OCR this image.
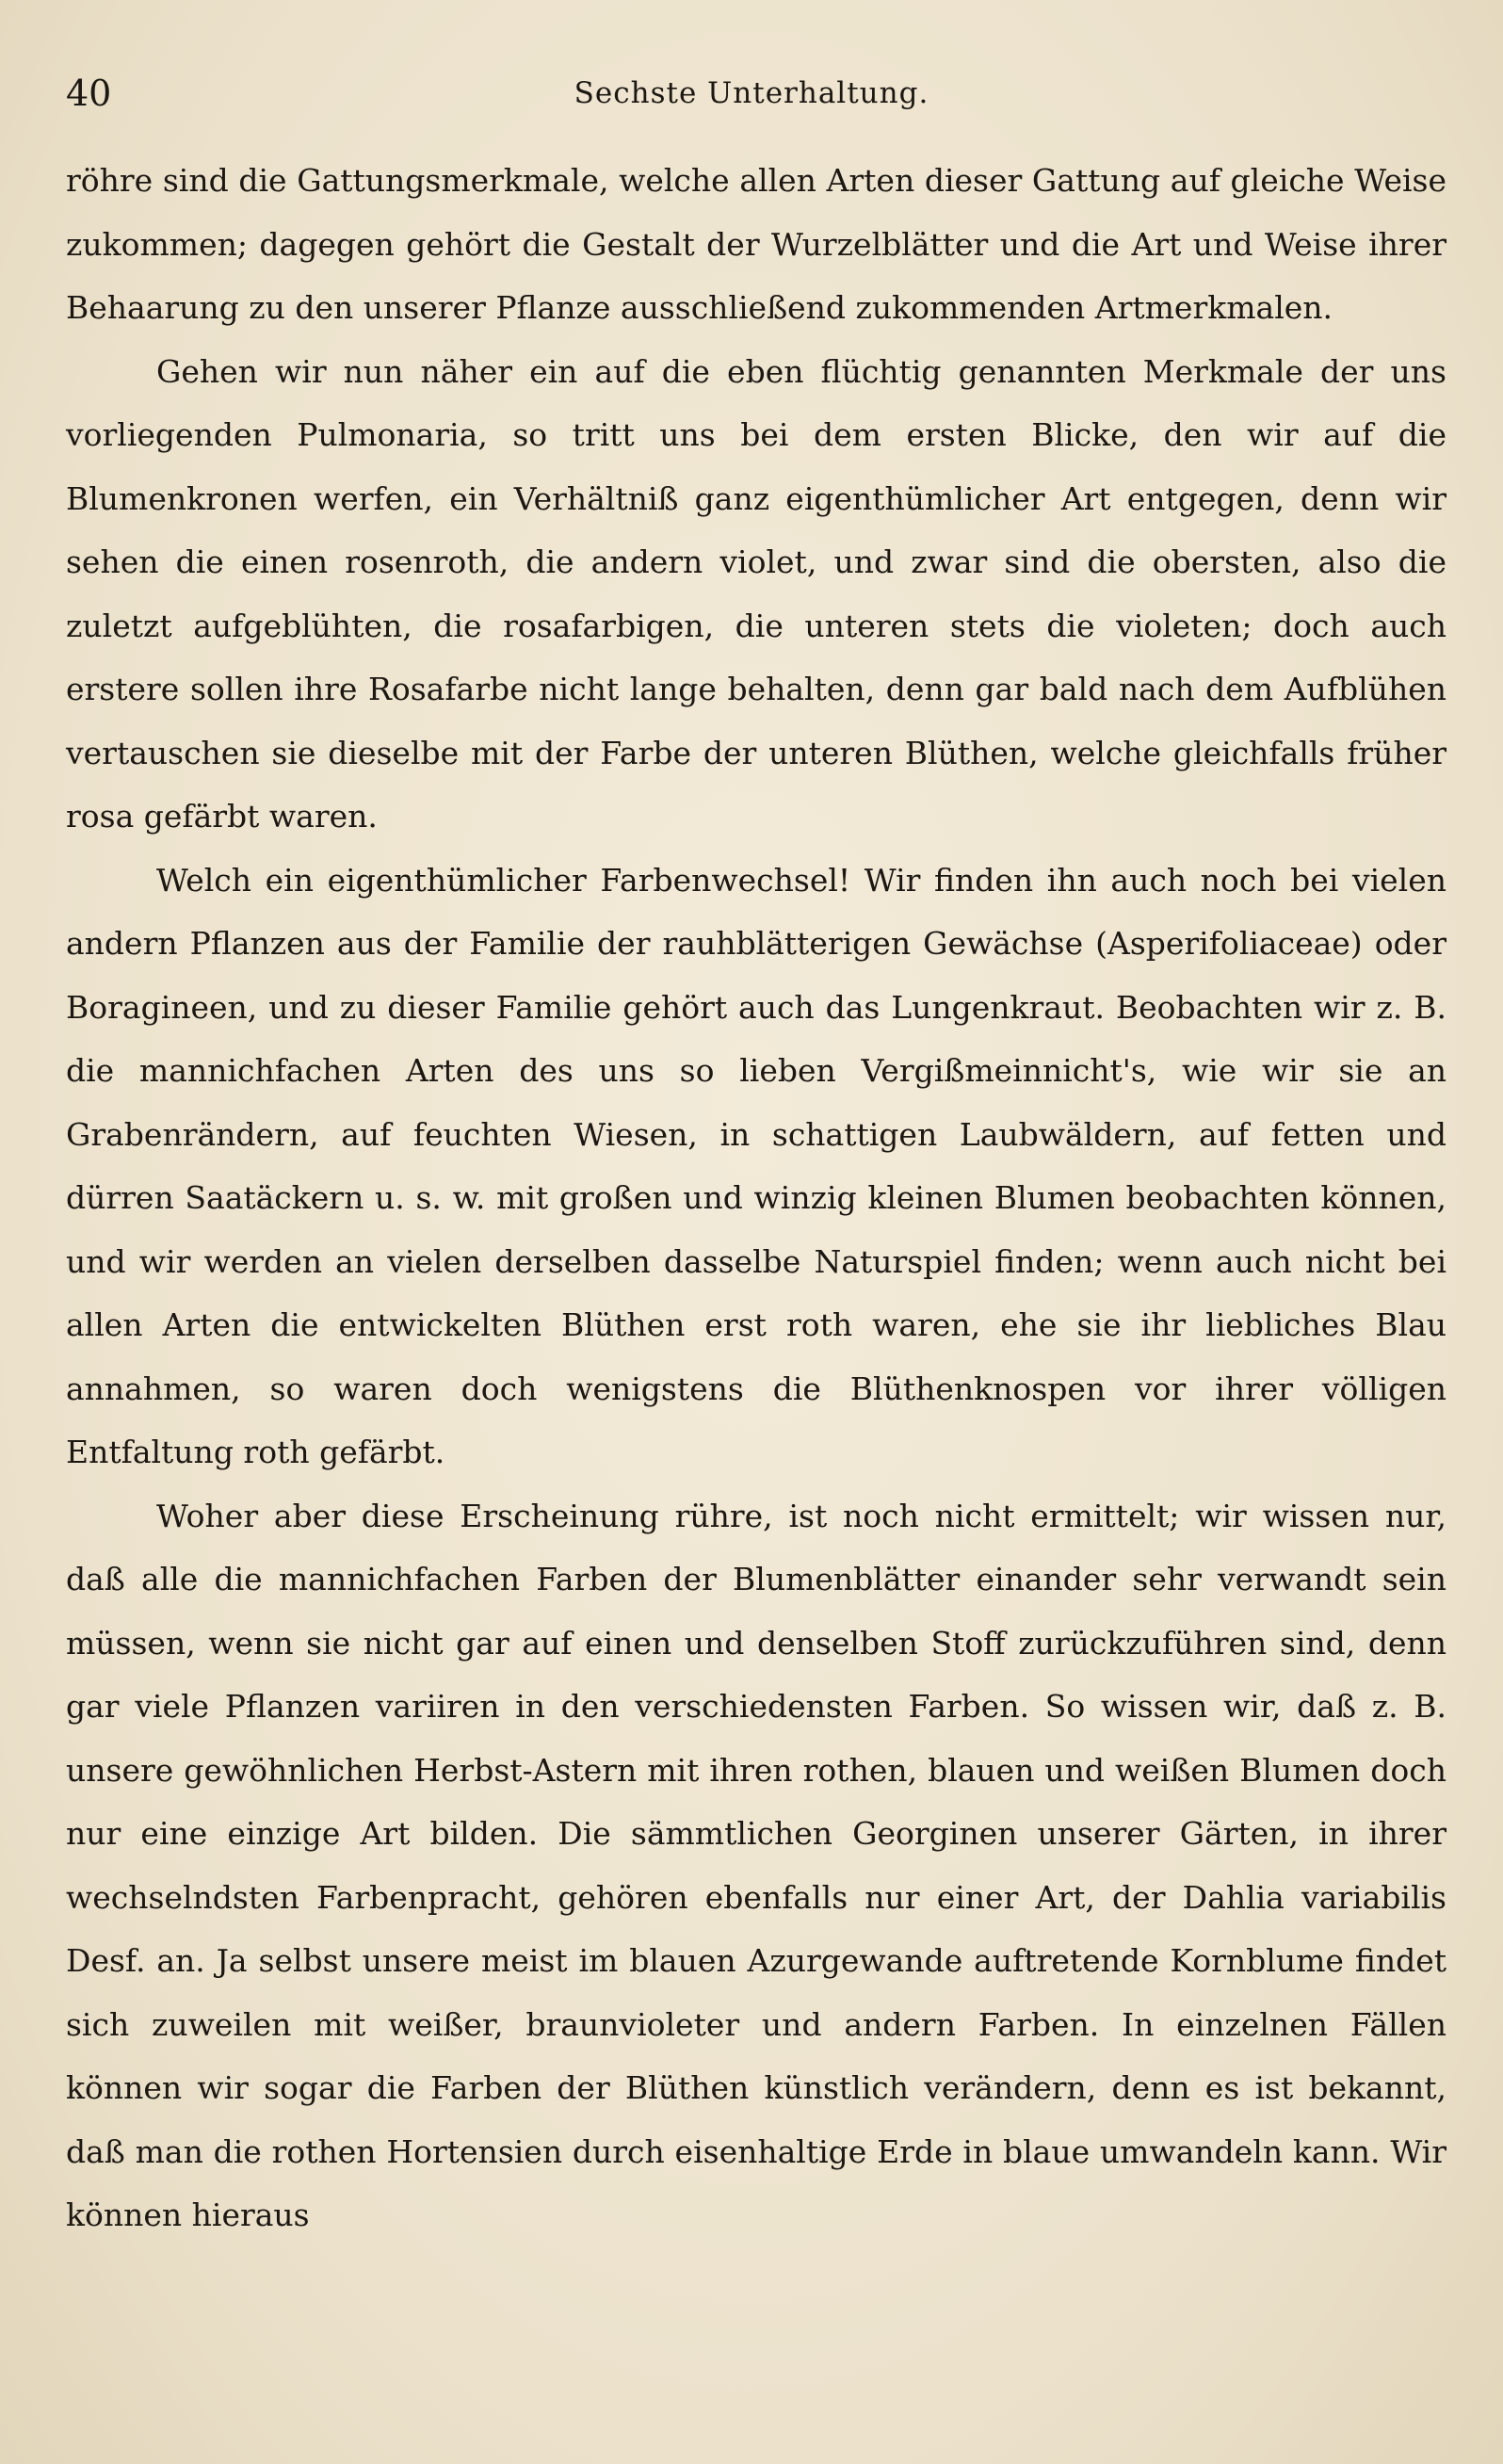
40	Sechste Unterhaltung.

röhre sind die Gattungsmerkmale, welche allen Arten dieser Gattung auf gleiche Weise zukommen; dagegen gehört die Gestalt der Wurzelblätter und die Art und Weise ihrer Behaarung zu den unserer Pflanze ausschließend zukommenden Artmerkmalen.

Gehen wir nun näher ein auf die eben flüchtig genannten Merkmale der uns vorliegenden Pulmonaria, so tritt uns bei dem ersten Blicke, den wir auf die Blumenkronen werfen, ein Verhältniß ganz eigenthümlicher Art entgegen, denn wir sehen die einen rosenroth, die andern violet, und zwar sind die obersten, also die zuletzt aufgeblühten, die rosafarbigen, die unteren stets die violeten; doch auch erstere sollen ihre Rosafarbe nicht lange behalten, denn gar bald nach dem Aufblühen vertauschen sie dieselbe mit der Farbe der unteren Blüthen, welche gleichfalls früher rosa gefärbt waren.

Welch ein eigenthümlicher Farbenwechsel! Wir finden ihn auch noch bei vielen andern Pflanzen aus der Familie der rauhblätterigen Gewächse (Asperifoliaceae) oder Boragineen, und zu dieser Familie gehört auch das Lungenkraut. Beobachten wir z. B. die mannichfachen Arten des uns so lieben Vergißmeinnicht's, wie wir sie an Grabenrändern, auf feuchten Wiesen, in schattigen Laubwäldern, auf fetten und dürren Saatäckern u. s. w. mit großen und winzig kleinen Blumen beobachten können, und wir werden an vielen derselben dasselbe Naturspiel finden; wenn auch nicht bei allen Arten die entwickelten Blüthen erst roth waren, ehe sie ihr liebliches Blau annahmen, so waren doch wenigstens die Blüthenknospen vor ihrer völligen Entfaltung roth gefärbt.

Woher aber diese Erscheinung rühre, ist noch nicht ermittelt; wir wissen nur, daß alle die mannichfachen Farben der Blumenblätter einander sehr verwandt sein müssen, wenn sie nicht gar auf einen und denselben Stoff zurückzuführen sind, denn gar viele Pflanzen variiren in den verschiedensten Farben. So wissen wir, daß z. B. unsere gewöhnlichen Herbst-Astern mit ihren rothen, blauen und weißen Blumen doch nur eine einzige Art bilden. Die sämmtlichen Georginen unserer Gärten, in ihrer wechselndsten Farbenpracht, gehören ebenfalls nur einer Art, der Dahlia variabilis Desf. an. Ja selbst unsere meist im blauen Azurgewande auftretende Kornblume findet sich zuweilen mit weißer, braunvioleter und andern Farben. In einzelnen Fällen können wir sogar die Farben der Blüthen künstlich verändern, denn es ist bekannt, daß man die rothen Hortensien durch eisenhaltige Erde in blaue umwandeln kann. Wir können hieraus
